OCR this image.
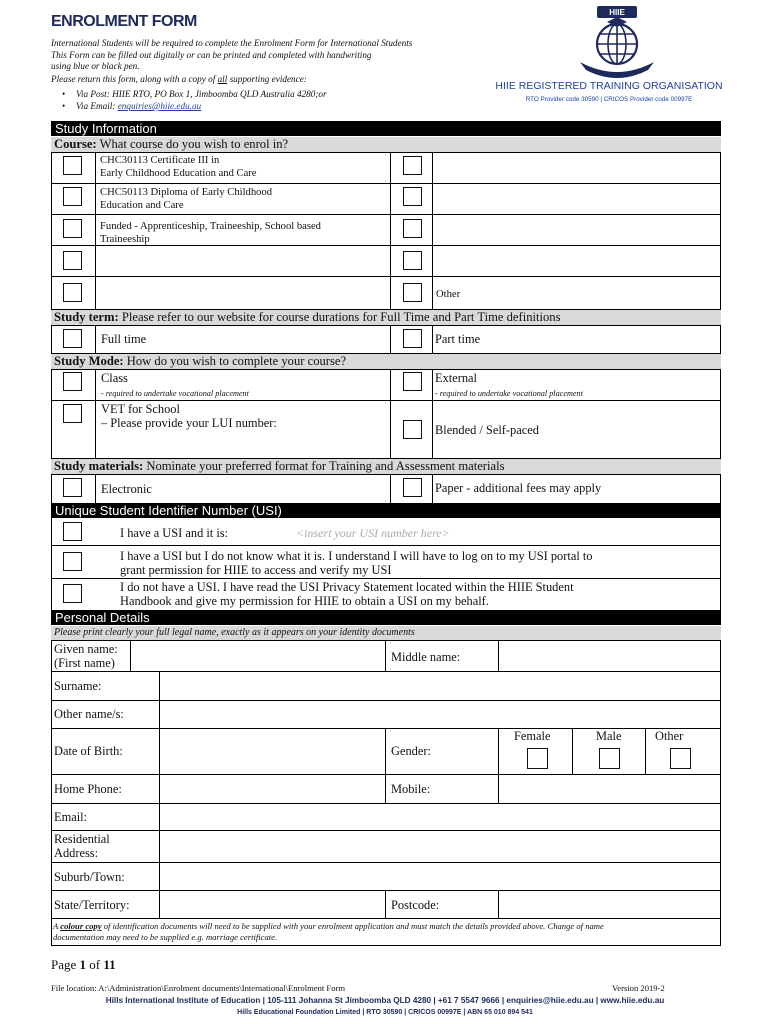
ENROLMENT FORM
International Students will be required to complete the Enrolment Form for International Students
This Form can be filled out digitally or can be printed and completed with handwriting
using blue or black pen.
Please return this form, along with a copy of all supporting evidence:
• Via Post: HIIE RTO, PO Box 1, Jimboomba QLD Australia 4280;or
• Via Email: enquiries@hiie.edu.au
HIIE
HIIE REGISTERED TRAINING ORGANISATION
RTO Provider code 30590 | CRICOS Provider code 00997E
Study Information
Course: What course do you wish to enrol in?
CHC30113 Certificate III in
Early Childhood Education and Care
CHC50113 Diploma of Early Childhood
Education and Care
Funded - Apprenticeship, Traineeship, School based
Traineeship
Other
Study term: Please refer to our website for course durations for Full Time and Part Time definitions
Full time	Part time
Study Mode: How do you wish to complete your course?
Class
- required to undertake vocational placement
External
- required to undertake vocational placement
VET for School
– Please provide your LUI number:	Blended / Self-paced
Study materials: Nominate your preferred format for Training and Assessment materials
Electronic	Paper - additional fees may apply
Unique Student Identifier Number (USI)
I have a USI and it is:	<insert your USI number here>
I have a USI but I do not know what it is. I understand I will have to log on to my USI portal to
grant permission for HIIE to access and verify my USI
I do not have a USI. I have read the USI Privacy Statement located within the HIIE Student
Handbook and give my permission for HIIE to obtain a USI on my behalf.
Personal Details
Please print clearly your full legal name, exactly as it appears on your identity documents
Given name:
(First name)	Middle name:
Surname:
Other name/s:
Date of Birth:	Gender:
Female	Male	Other
Home Phone:	Mobile:
Email:
Residential
Address:
Suburb/Town:
State/Territory:	Postcode:
A colour copy of identification documents will need to be supplied with your enrolment application and must match the details provided above. Change of name
documentation may need to be supplied e.g. marriage certificate.
Page 1 of 11
File location: A:\Administration\Enrolment documents\International\Enrolment Form	Version 2019-2
Hills International Institute of Education | 105-111 Johanna St Jimboomba QLD 4280 | +61 7 5547 9666 | enquiries@hiie.edu.au | www.hiie.edu.au
Hills Educational Foundation Limited | RTO 30590 | CRICOS 00997E | ABN 65 010 894 541
